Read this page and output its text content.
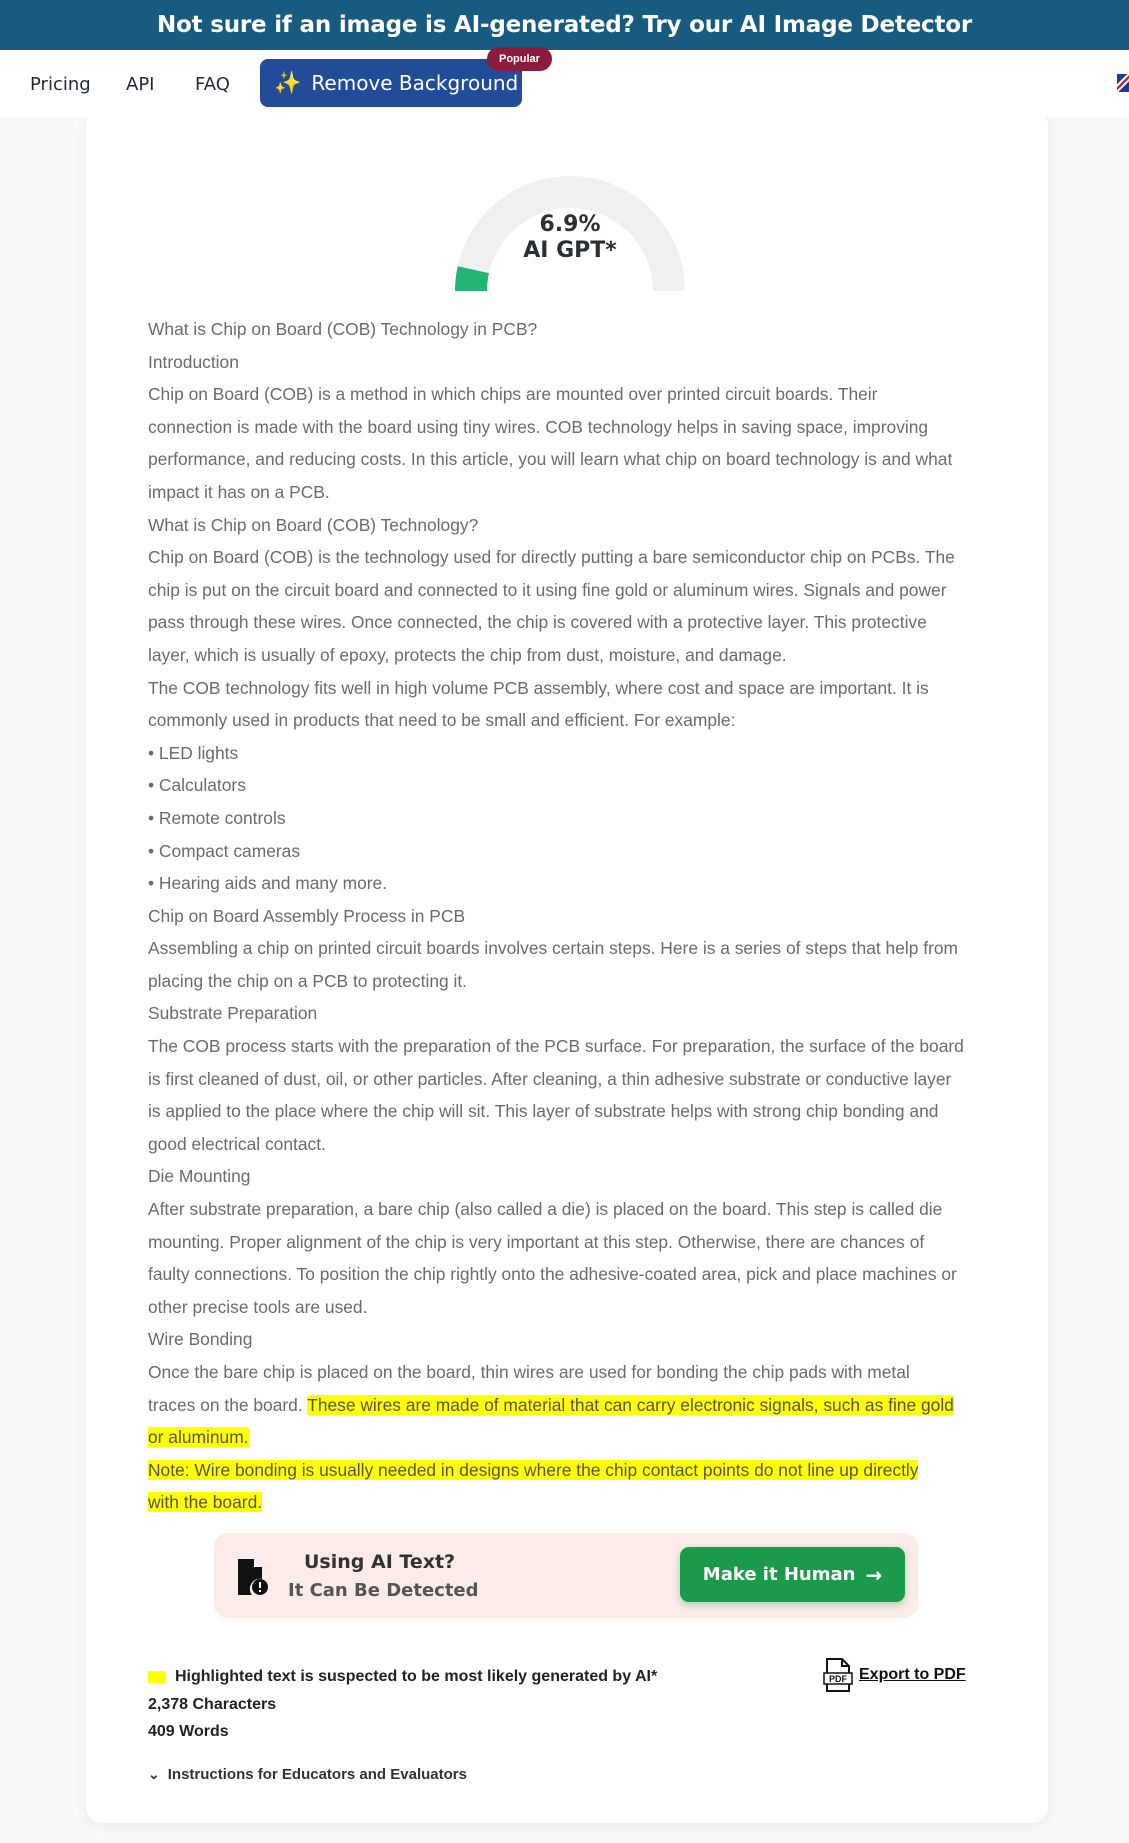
Not sure if an image is AI-generated? Try our AI Image Detector
Pricing API FAQ ✨ Remove Background
Popular
6.9%
AI GPT*
What is Chip on Board (COB) Technology in PCB?
Introduction
Chip on Board (COB) is a method in which chips are mounted over printed circuit boards. Their
connection is made with the board using tiny wires. COB technology helps in saving space, improving
performance, and reducing costs. In this article, you will learn what chip on board technology is and what
impact it has on a PCB.
What is Chip on Board (COB) Technology?
Chip on Board (COB) is the technology used for directly putting a bare semiconductor chip on PCBs. The
chip is put on the circuit board and connected to it using fine gold or aluminum wires. Signals and power
pass through these wires. Once connected, the chip is covered with a protective layer. This protective
layer, which is usually of epoxy, protects the chip from dust, moisture, and damage.
The COB technology fits well in high volume PCB assembly, where cost and space are important. It is
commonly used in products that need to be small and efficient. For example:
• LED lights
• Calculators
• Remote controls
• Compact cameras
• Hearing aids and many more.
Chip on Board Assembly Process in PCB
Assembling a chip on printed circuit boards involves certain steps. Here is a series of steps that help from
placing the chip on a PCB to protecting it.
Substrate Preparation
The COB process starts with the preparation of the PCB surface. For preparation, the surface of the board
is first cleaned of dust, oil, or other particles. After cleaning, a thin adhesive substrate or conductive layer
is applied to the place where the chip will sit. This layer of substrate helps with strong chip bonding and
good electrical contact.
Die Mounting
After substrate preparation, a bare chip (also called a die) is placed on the board. This step is called die
mounting. Proper alignment of the chip is very important at this step. Otherwise, there are chances of
faulty connections. To position the chip rightly onto the adhesive-coated area, pick and place machines or
other precise tools are used.
Wire Bonding
Once the bare chip is placed on the board, thin wires are used for bonding the chip pads with metal
traces on the board. These wires are made of material that can carry electronic signals, such as fine gold
or aluminum.
Note: Wire bonding is usually needed in designs where the chip contact points do not line up directly
with the board.
Using AI Text?
It Can Be Detected
Make it Human →
Highlighted text is suspected to be most likely generated by AI*
2,378 Characters
409 Words
PDF Export to PDF
⌄ Instructions for Educators and Evaluators
